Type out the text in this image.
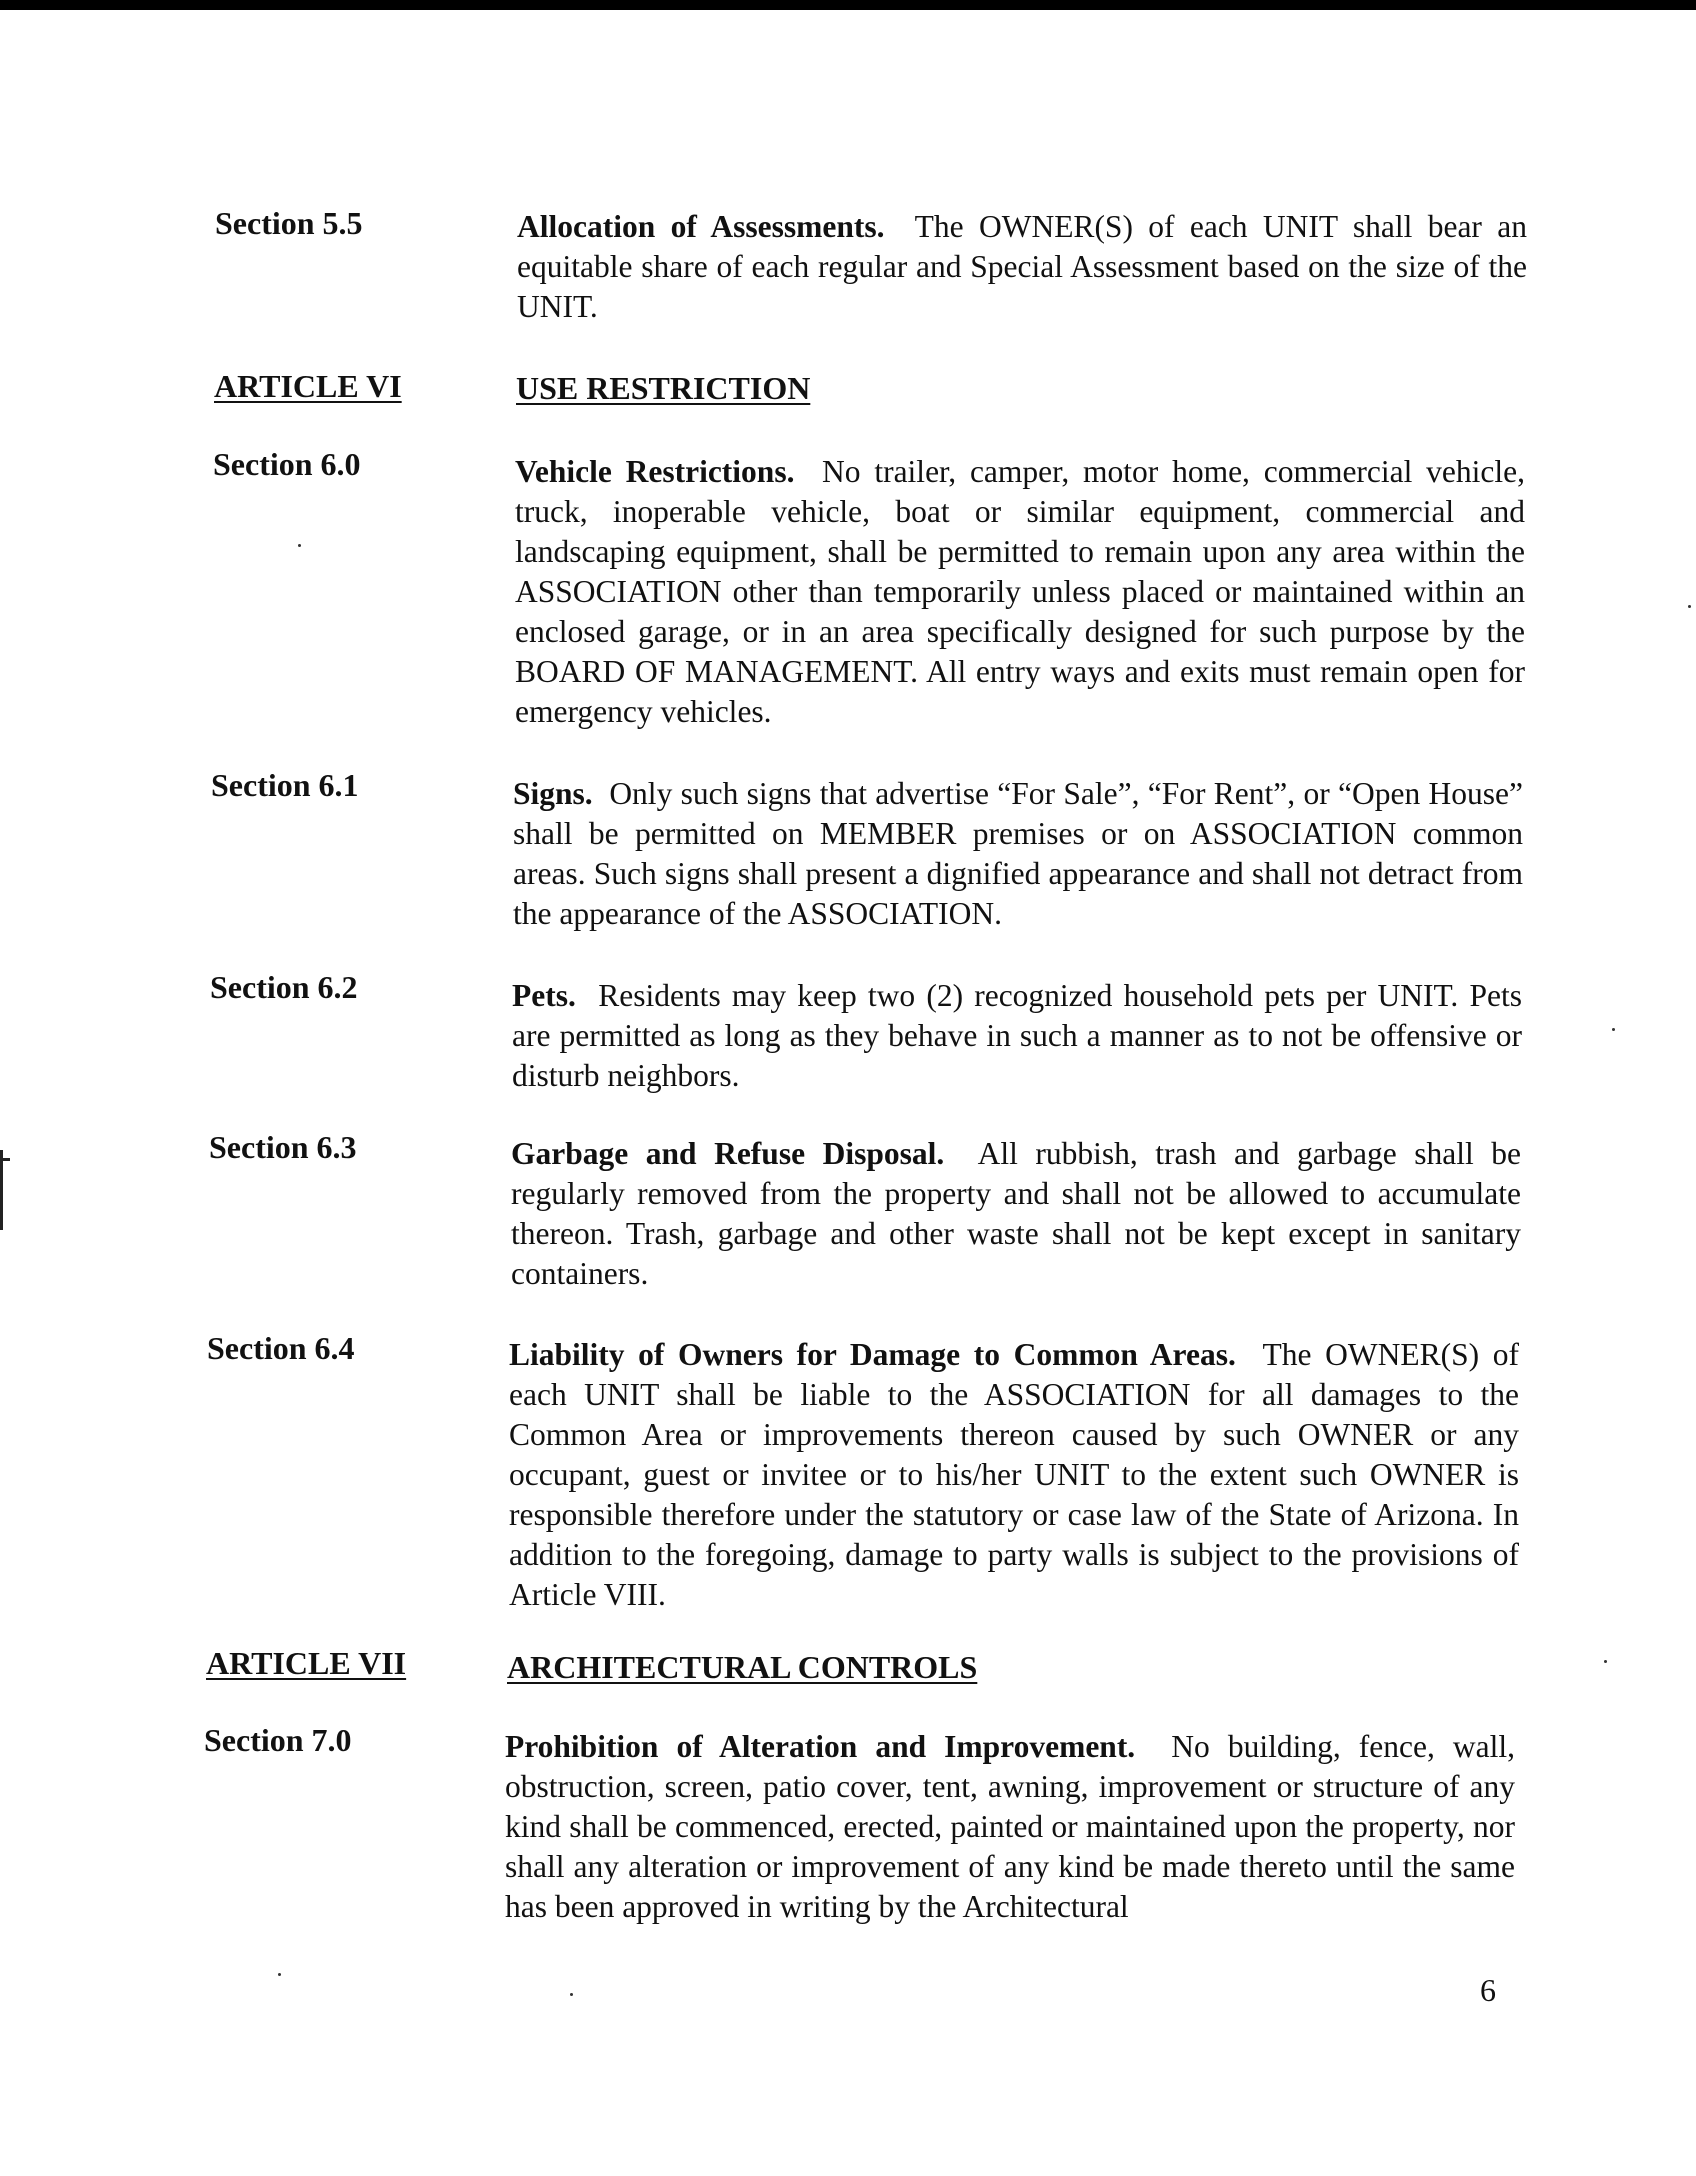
Section 5.5	Allocation of Assessments. The OWNER(S) of each UNIT shall bear an equitable share of each regular and Special Assessment based on the size of the UNIT.
ARTICLE VI	USE RESTRICTION
Section 6.0	Vehicle Restrictions. No trailer, camper, motor home, commercial vehicle, truck, inoperable vehicle, boat or similar equipment, commercial and landscaping equipment, shall be permitted to remain upon any area within the ASSOCIATION other than temporarily unless placed or maintained within an enclosed garage, or in an area specifically designed for such purpose by the BOARD OF MANAGEMENT. All entry ways and exits must remain open for emergency vehicles.
Section 6.1	Signs. Only such signs that advertise “For Sale”, “For Rent”, or “Open House” shall be permitted on MEMBER premises or on ASSOCIATION common areas. Such signs shall present a dignified appearance and shall not detract from the appearance of the ASSOCIATION.
Section 6.2	Pets. Residents may keep two (2) recognized household pets per UNIT. Pets are permitted as long as they behave in such a manner as to not be offensive or disturb neighbors.
Section 6.3	Garbage and Refuse Disposal. All rubbish, trash and garbage shall be regularly removed from the property and shall not be allowed to accumulate thereon. Trash, garbage and other waste shall not be kept except in sanitary containers.
Section 6.4	Liability of Owners for Damage to Common Areas. The OWNER(S) of each UNIT shall be liable to the ASSOCIATION for all damages to the Common Area or improvements thereon caused by such OWNER or any occupant, guest or invitee or to his/her UNIT to the extent such OWNER is responsible therefore under the statutory or case law of the State of Arizona. In addition to the foregoing, damage to party walls is subject to the provisions of Article VIII.
ARTICLE VII	ARCHITECTURAL CONTROLS
Section 7.0	Prohibition of Alteration and Improvement. No building, fence, wall, obstruction, screen, patio cover, tent, awning, improvement or structure of any kind shall be commenced, erected, painted or maintained upon the property, nor shall any alteration or improvement of any kind be made thereto until the same has been approved in writing by the Architectural
6
